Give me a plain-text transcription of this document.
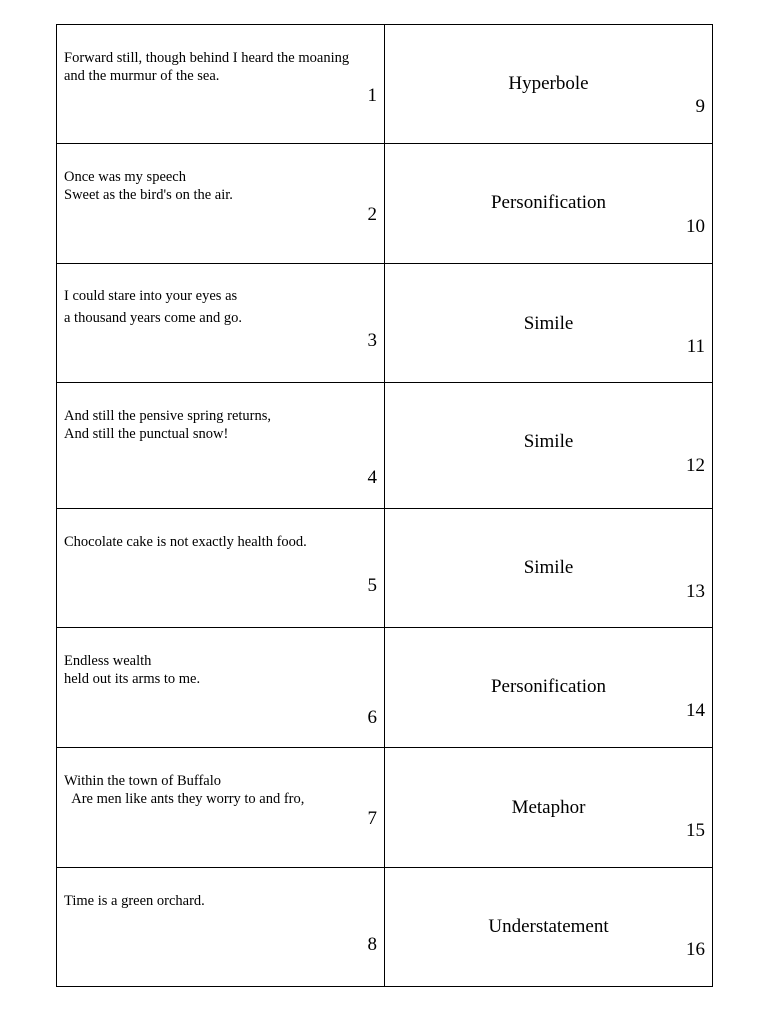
Forward still, though behind I heard the moaning
and the murmur of the sea.
1
Hyperbole
9
Once was my speech
Sweet as the bird's on the air.
2
Personification
10
I could stare into your eyes as
a thousand years come and go.
3
Simile
11
And still the pensive spring returns,
And still the punctual snow!
4
Simile
12
Chocolate cake is not exactly health food.
5
Simile
13
Endless wealth
held out its arms to me.
6
Personification
14
Within the town of Buffalo
Are men like ants they worry to and fro,
7
Metaphor
15
Time is a green orchard.
8
Understatement
16
